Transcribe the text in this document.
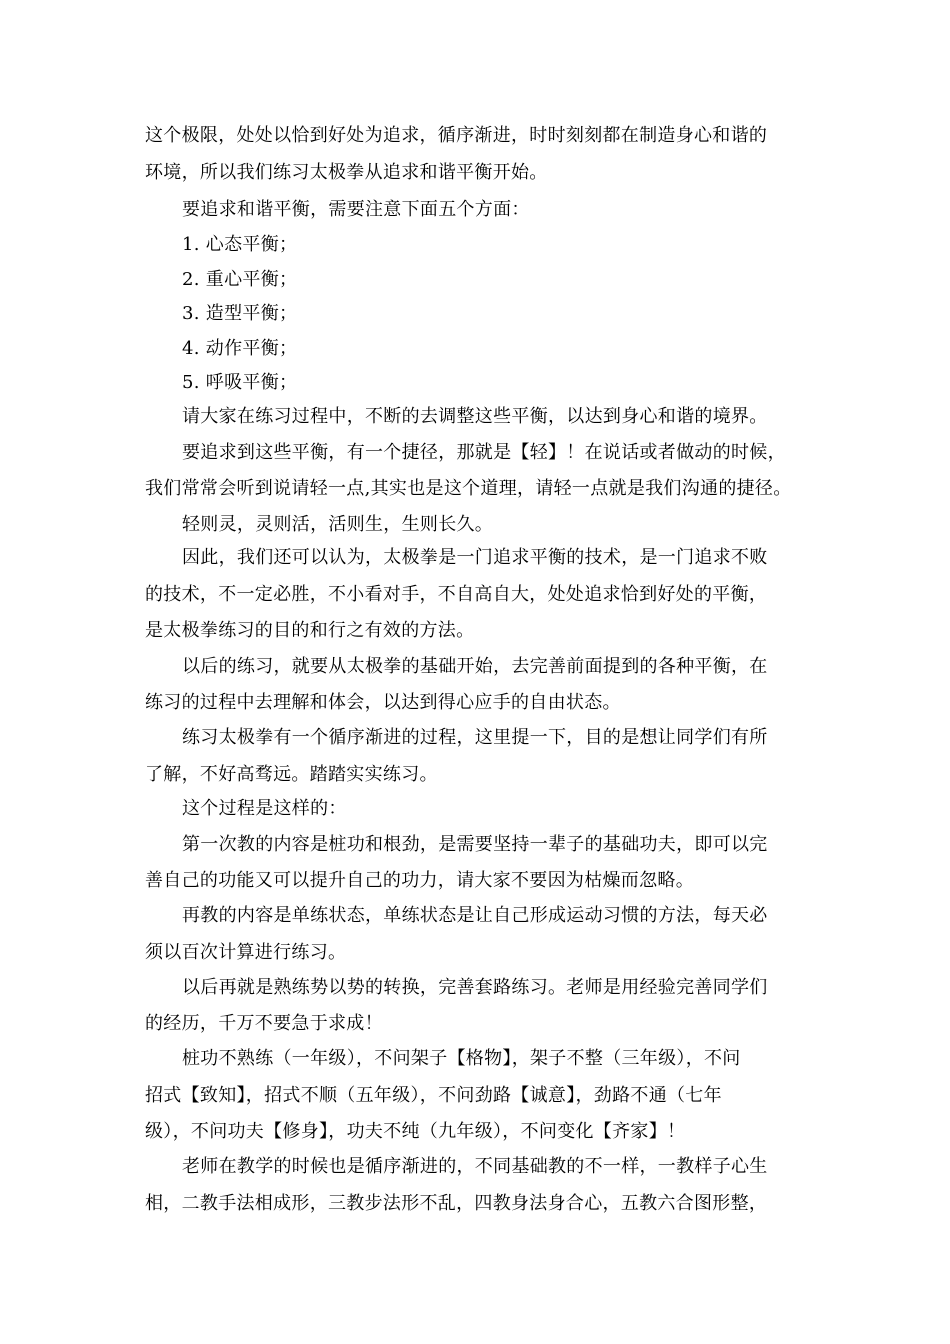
这个极限，处处以恰到好处为追求，循序渐进，时时刻刻都在制造身心和谐的
环境，所以我们练习太极拳从追求和谐平衡开始。
要追求和谐平衡，需要注意下面五个方面：
1. 心态平衡；
2. 重心平衡；
3. 造型平衡；
4. 动作平衡；
5. 呼吸平衡；
请大家在练习过程中，不断的去调整这些平衡，以达到身心和谐的境界。
要追求到这些平衡，有一个捷径，那就是【轻】！在说话或者做动的时候，
我们常常会听到说请轻一点,其实也是这个道理，请轻一点就是我们沟通的捷径。
轻则灵，灵则活，活则生，生则长久。
因此，我们还可以认为，太极拳是一门追求平衡的技术，是一门追求不败
的技术，不一定必胜，不小看对手，不自高自大，处处追求恰到好处的平衡，
是太极拳练习的目的和行之有效的方法。
以后的练习，就要从太极拳的基础开始，去完善前面提到的各种平衡，在
练习的过程中去理解和体会，以达到得心应手的自由状态。
练习太极拳有一个循序渐进的过程，这里提一下，目的是想让同学们有所
了解，不好高骛远。踏踏实实练习。
这个过程是这样的：
第一次教的内容是桩功和根劲，是需要坚持一辈子的基础功夫，即可以完
善自己的功能又可以提升自己的功力，请大家不要因为枯燥而忽略。
再教的内容是单练状态，单练状态是让自己形成运动习惯的方法，每天必
须以百次计算进行练习。
以后再就是熟练势以势的转换，完善套路练习。老师是用经验完善同学们
的经历，千万不要急于求成！
桩功不熟练（一年级），不问架子【格物】，架子不整（三年级），不问
招式【致知】，招式不顺（五年级），不问劲路【诚意】，劲路不通（七年
级），不问功夫【修身】，功夫不纯（九年级），不问变化【齐家】！
老师在教学的时候也是循序渐进的，不同基础教的不一样，一教样子心生
相，二教手法相成形，三教步法形不乱，四教身法身合心，五教六合图形整，
